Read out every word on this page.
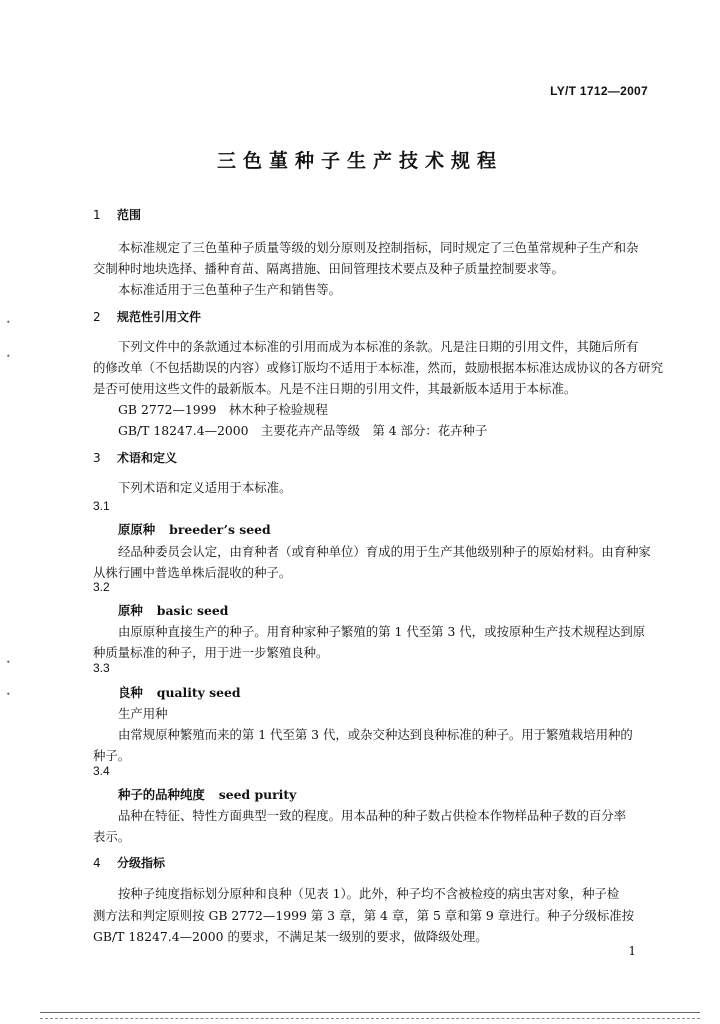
LY/T 1712—2007
三色堇种子生产技术规程
1 范围
本标准规定了三色堇种子质量等级的划分原则及控制指标，同时规定了三色堇常规种子生产和杂
交制种时地块选择、播种育苗、隔离措施、田间管理技术要点及种子质量控制要求等。
本标准适用于三色堇种子生产和销售等。
2 规范性引用文件
下列文件中的条款通过本标准的引用而成为本标准的条款。凡是注日期的引用文件，其随后所有
的修改单（不包括勘误的内容）或修订版均不适用于本标准，然而，鼓励根据本标准达成协议的各方研究
是否可使用这些文件的最新版本。凡是不注日期的引用文件，其最新版本适用于本标准。
GB 2772—1999　林木种子检验规程
GB/T 18247.4—2000　主要花卉产品等级　第 4 部分：花卉种子
3 术语和定义
下列术语和定义适用于本标准。
3.1
原原种 breeder’s seed
经品种委员会认定，由育种者（或育种单位）育成的用于生产其他级别种子的原始材料。由育种家
从株行圃中普选单株后混收的种子。
3.2
原种 basic seed
由原原种直接生产的种子。用育种家种子繁殖的第 1 代至第 3 代，或按原种生产技术规程达到原
种质量标准的种子，用于进一步繁殖良种。
3.3
良种 quality seed
生产用种
由常规原种繁殖而来的第 1 代至第 3 代，或杂交种达到良种标准的种子。用于繁殖栽培用种的
种子。
3.4
种子的品种纯度 seed purity
品种在特征、特性方面典型一致的程度。用本品种的种子数占供检本作物样品种子数的百分率
表示。
4 分级指标
按种子纯度指标划分原种和良种（见表 1）。此外，种子均不含被检疫的病虫害对象，种子检
测方法和判定原则按 GB 2772—1999 第 3 章，第 4 章，第 5 章和第 9 章进行。种子分级标准按
GB/T 18247.4—2000 的要求，不满足某一级别的要求，做降级处理。
1
•
•
•
•
